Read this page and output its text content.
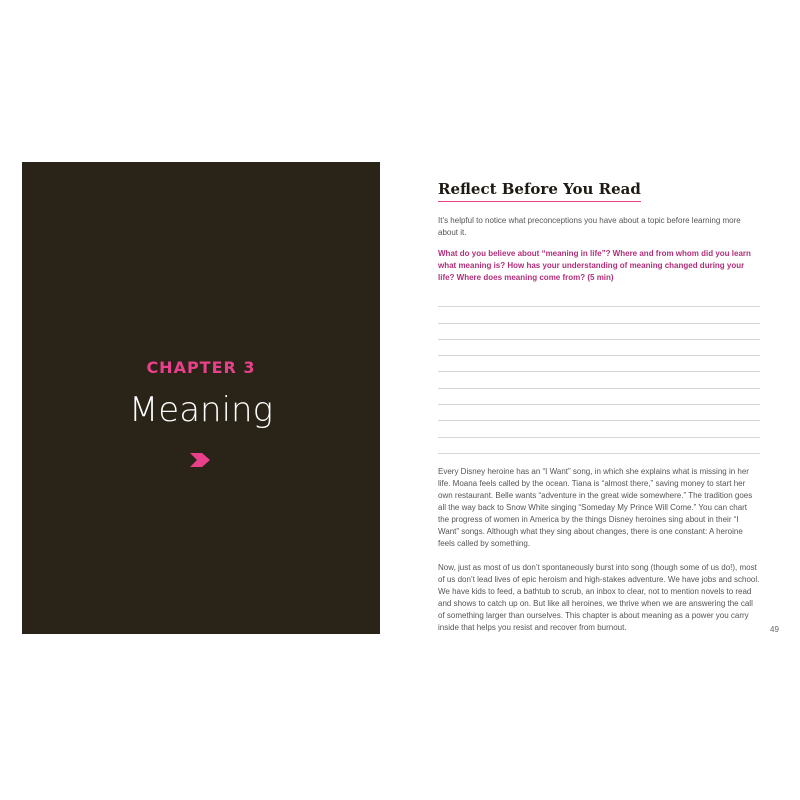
CHAPTER 3
Meaning
Reflect Before You Read

It’s helpful to notice what preconceptions you have about a topic before learning more about it.

What do you believe about “meaning in life”? Where and from whom did you learn what meaning is? How has your understanding of meaning changed during your life? Where does meaning come from? (5 min)

Every Disney heroine has an “I Want” song, in which she explains what is missing in her life. Moana feels called by the ocean. Tiana is “almost there,” saving money to start her own restaurant. Belle wants “adventure in the great wide somewhere.” The tradition goes all the way back to Snow White singing “Someday My Prince Will Come.” You can chart the progress of women in America by the things Disney heroines sing about in their “I Want” songs. Although what they sing about changes, there is one constant: A heroine feels called by something.

Now, just as most of us don’t spontaneously burst into song (though some of us do!), most of us don’t lead lives of epic heroism and high-stakes adventure. We have jobs and school. We have kids to feed, a bathtub to scrub, an inbox to clear, not to mention novels to read and shows to catch up on. But like all heroines, we thrive when we are answering the call of something larger than ourselves. This chapter is about meaning as a power you carry inside that helps you resist and recover from burnout.	49
